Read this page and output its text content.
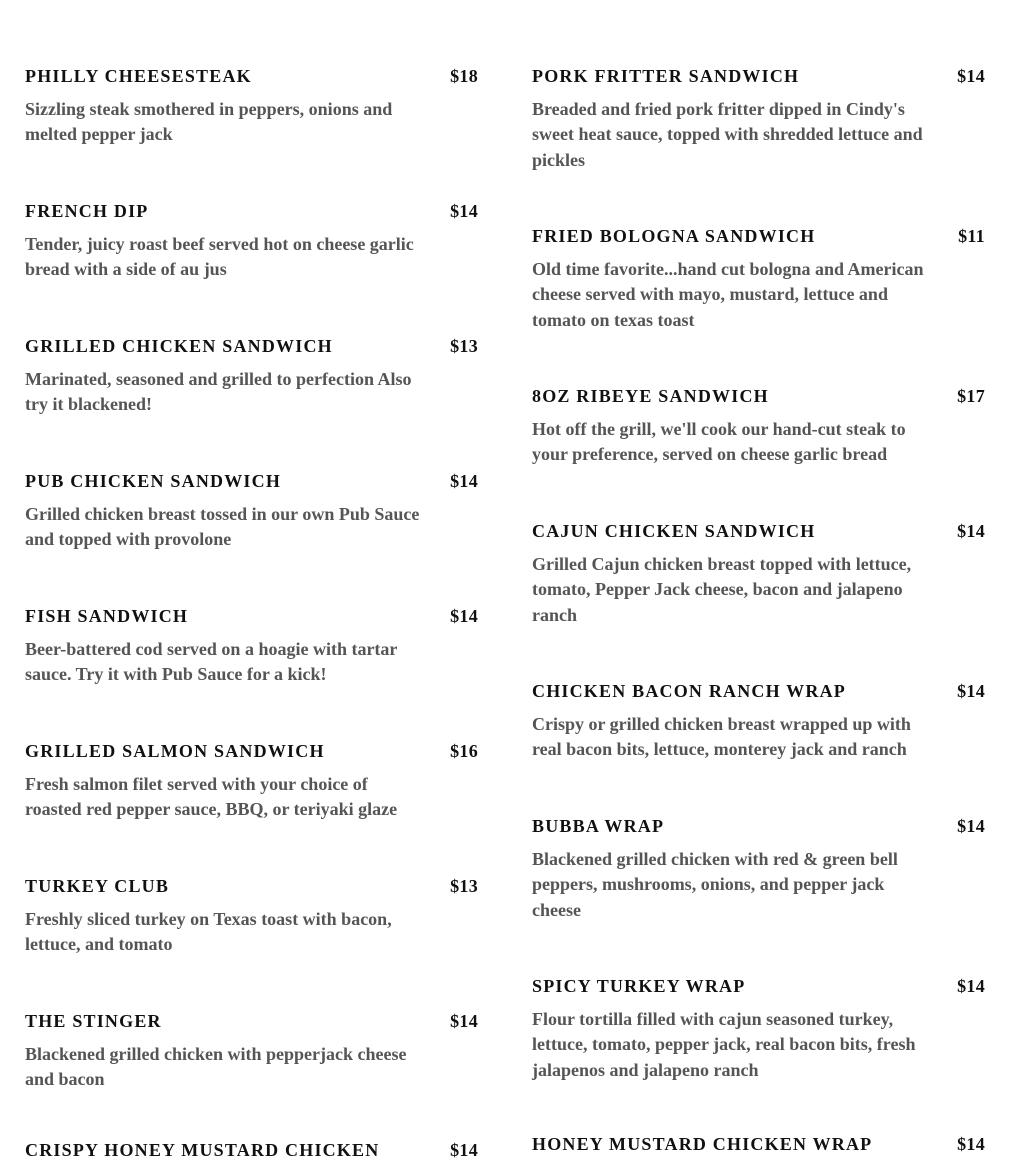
PHILLY CHEESESTEAK	$18
Sizzling steak smothered in peppers, onions and melted pepper jack
FRENCH DIP	$14
Tender, juicy roast beef served hot on cheese garlic bread with a side of au jus
GRILLED CHICKEN SANDWICH	$13
Marinated, seasoned and grilled to perfection Also try it blackened!
PUB CHICKEN SANDWICH	$14
Grilled chicken breast tossed in our own Pub Sauce and topped with provolone
FISH SANDWICH	$14
Beer-battered cod served on a hoagie with tartar sauce. Try it with Pub Sauce for a kick!
GRILLED SALMON SANDWICH	$16
Fresh salmon filet served with your choice of roasted red pepper sauce, BBQ, or teriyaki glaze
TURKEY CLUB	$13
Freshly sliced turkey on Texas toast with bacon, lettuce, and tomato
THE STINGER	$14
Blackened grilled chicken with pepperjack cheese and bacon
CRISPY HONEY MUSTARD CHICKEN	$14
PORK FRITTER SANDWICH	$14
Breaded and fried pork fritter dipped in Cindy's sweet heat sauce, topped with shredded lettuce and pickles
FRIED BOLOGNA SANDWICH	$11
Old time favorite...hand cut bologna and American cheese served with mayo, mustard, lettuce and tomato on texas toast
8OZ RIBEYE SANDWICH	$17
Hot off the grill, we'll cook our hand-cut steak to your preference, served on cheese garlic bread
CAJUN CHICKEN SANDWICH	$14
Grilled Cajun chicken breast topped with lettuce, tomato, Pepper Jack cheese, bacon and jalapeno ranch
CHICKEN BACON RANCH WRAP	$14
Crispy or grilled chicken breast wrapped up with real bacon bits, lettuce, monterey jack and ranch
BUBBA WRAP	$14
Blackened grilled chicken with red & green bell peppers, mushrooms, onions, and pepper jack cheese
SPICY TURKEY WRAP	$14
Flour tortilla filled with cajun seasoned turkey, lettuce, tomato, pepper jack, real bacon bits, fresh jalapenos and jalapeno ranch
HONEY MUSTARD CHICKEN WRAP	$14
